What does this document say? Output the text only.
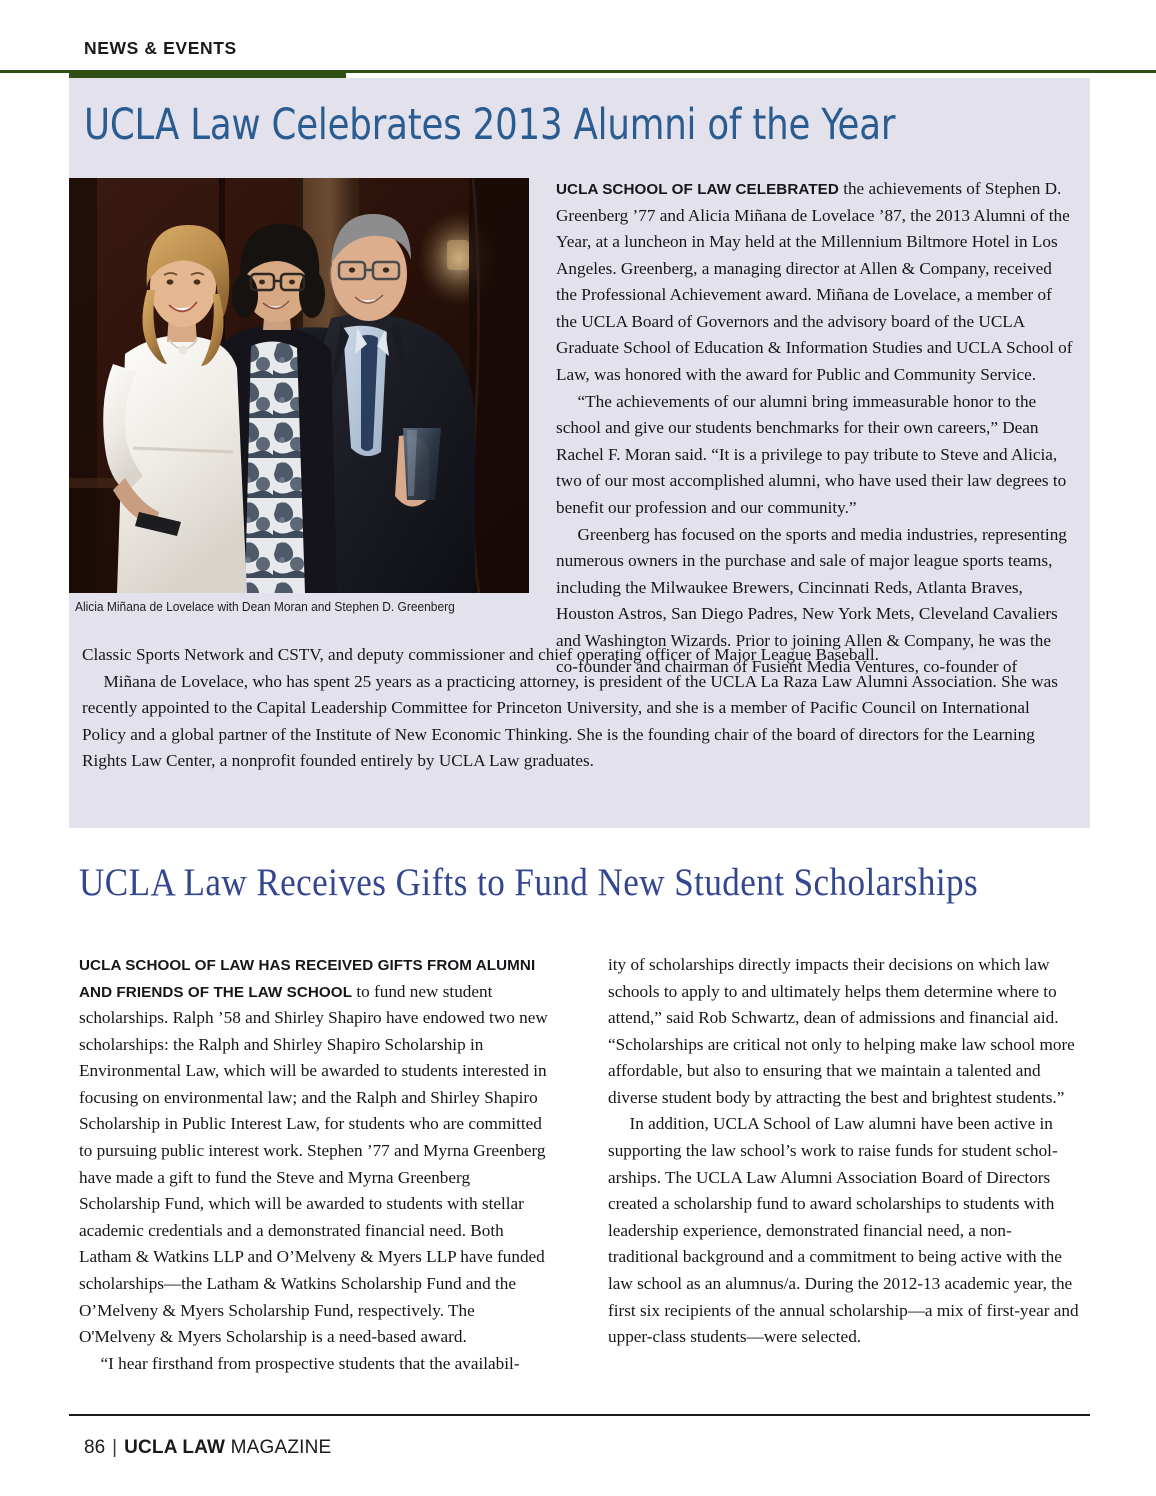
NEWS & EVENTS
UCLA Law Celebrates 2013 Alumni of the Year
Alicia Miñana de Lovelace with Dean Moran and Stephen D. Greenberg

UCLA SCHOOL OF LAW CELEBRATED the achievements of Stephen D. Greenberg ’77 and Alicia Miñana de Lovelace ’87, the 2013 Alumni of the Year, at a luncheon in May held at the Millennium Biltmore Hotel in Los Angeles. Greenberg, a managing director at Allen & Company, received the Professional Achievement award. Miñana de Lovelace, a member of the UCLA Board of Governors and the advisory board of the UCLA Graduate School of Education & Information Studies and UCLA School of Law, was honored with the award for Public and Community Service.

“The achievements of our alumni bring immeasurable honor to the school and give our students benchmarks for their own careers,” Dean Rachel F. Moran said. “It is a privilege to pay tribute to Steve and Alicia, two of our most accomplished alumni, who have used their law degrees to benefit our profession and our community.”

Greenberg has focused on the sports and media industries, representing numerous owners in the purchase and sale of major league sports teams, including the Milwaukee Brewers, Cincinnati Reds, Atlanta Braves, Houston Astros, San Diego Padres, New York Mets, Cleveland Cavaliers and Washington Wizards. Prior to joining Allen & Company, he was the co-founder and chairman of Fusient Media Ventures, co-founder of

Classic Sports Network and CSTV, and deputy commissioner and chief operating officer of Major League Baseball.

Miñana de Lovelace, who has spent 25 years as a practicing attorney, is president of the UCLA La Raza Law Alumni Association. She was recently appointed to the Capital Leadership Committee for Princeton University, and she is a member of Pacific Council on International Policy and a global partner of the Institute of New Economic Thinking. She is the founding chair of the board of directors for the Learning Rights Law Center, a nonprofit founded entirely by UCLA Law graduates.

UCLA Law Receives Gifts to Fund New Student Scholarships

UCLA SCHOOL OF LAW HAS RECEIVED GIFTS FROM ALUMNI AND FRIENDS OF THE LAW SCHOOL to fund new student scholarships. Ralph ’58 and Shirley Shapiro have endowed two new scholarships: the Ralph and Shirley Shapiro Scholarship in Environmental Law, which will be awarded to students interested in focusing on environmental law; and the Ralph and Shirley Shapiro Scholarship in Public Interest Law, for students who are committed to pursuing public interest work. Stephen ’77 and Myrna Greenberg have made a gift to fund the Steve and Myrna Greenberg Scholarship Fund, which will be awarded to students with stellar academic credentials and a demonstrated financial need. Both Latham & Watkins LLP and O’Melveny & Myers LLP have funded scholarships—the Latham & Watkins Scholarship Fund and the O’Melveny & Myers Scholarship Fund, respectively. The O'Melveny & Myers Scholarship is a need-based award.

“I hear firsthand from prospective students that the availabil-

ity of scholarships directly impacts their decisions on which law schools to apply to and ultimately helps them determine where to attend,” said Rob Schwartz, dean of admissions and financial aid. “Scholarships are critical not only to helping make law school more affordable, but also to ensuring that we maintain a talented and diverse student body by attracting the best and brightest students.”

In addition, UCLA School of Law alumni have been active in supporting the law school’s work to raise funds for student schol-arships. The UCLA Law Alumni Association Board of Directors created a scholarship fund to award scholarships to students with leadership experience, demonstrated financial need, a non-traditional background and a commitment to being active with the law school as an alumnus/a. During the 2012-13 academic year, the first six recipients of the annual scholarship—a mix of first-year and upper-class students—were selected.

86 | UCLA LAW MAGAZINE
